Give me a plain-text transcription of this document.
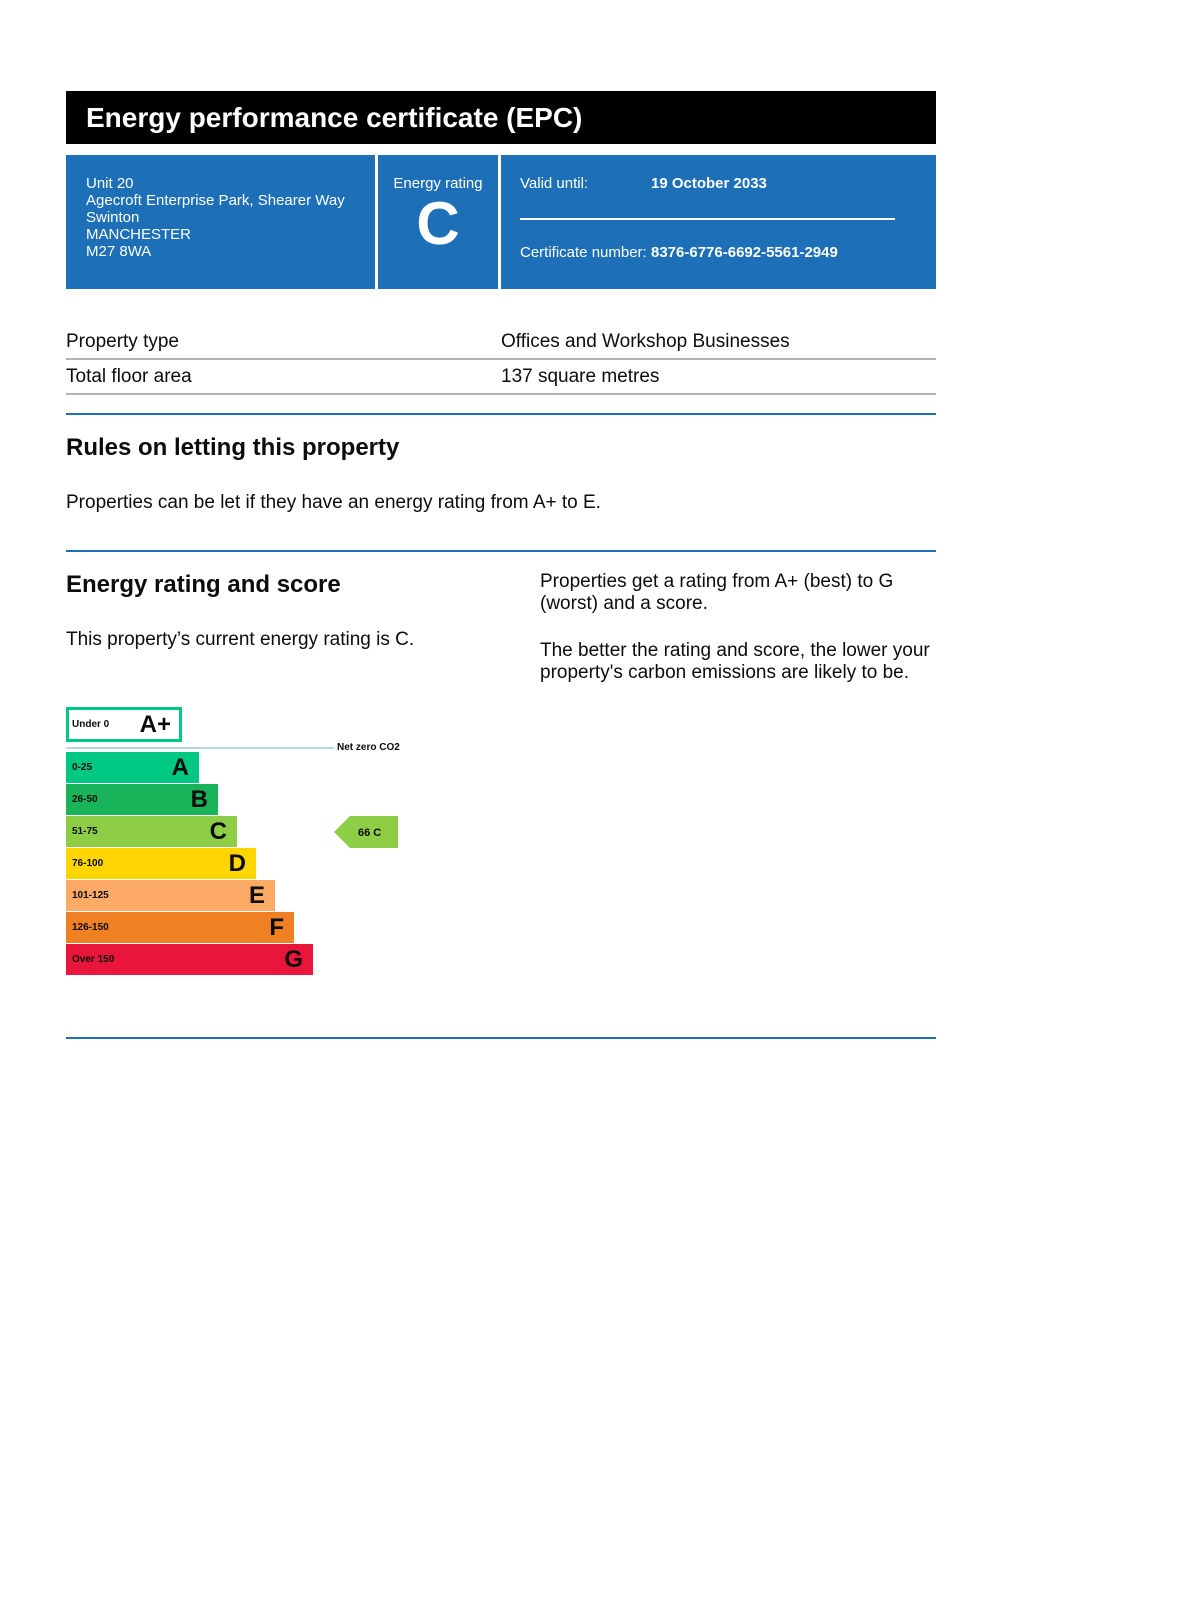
Energy performance certificate (EPC)
Unit 20
Agecroft Enterprise Park, Shearer Way
Swinton
MANCHESTER
M27 8WA
Energy rating
C
Valid until:	19 October 2033
Certificate number: 8376-6776-6692-5561-2949
Property type	Offices and Workshop Businesses
Total floor area	137 square metres
Rules on letting this property

Properties can be let if they have an energy rating from A+ to E.

Energy rating and score

This property’s current energy rating is C.

Under 0 A+
Net zero CO2
0-25	A
26-50	B
51-75	C
76-100	D
101-125	E
126-150	F
Over 150	G
66 C
Properties get a rating from A+ (best) to G (worst) and a score.
The better the rating and score, the lower your property's carbon emissions are likely to be.
